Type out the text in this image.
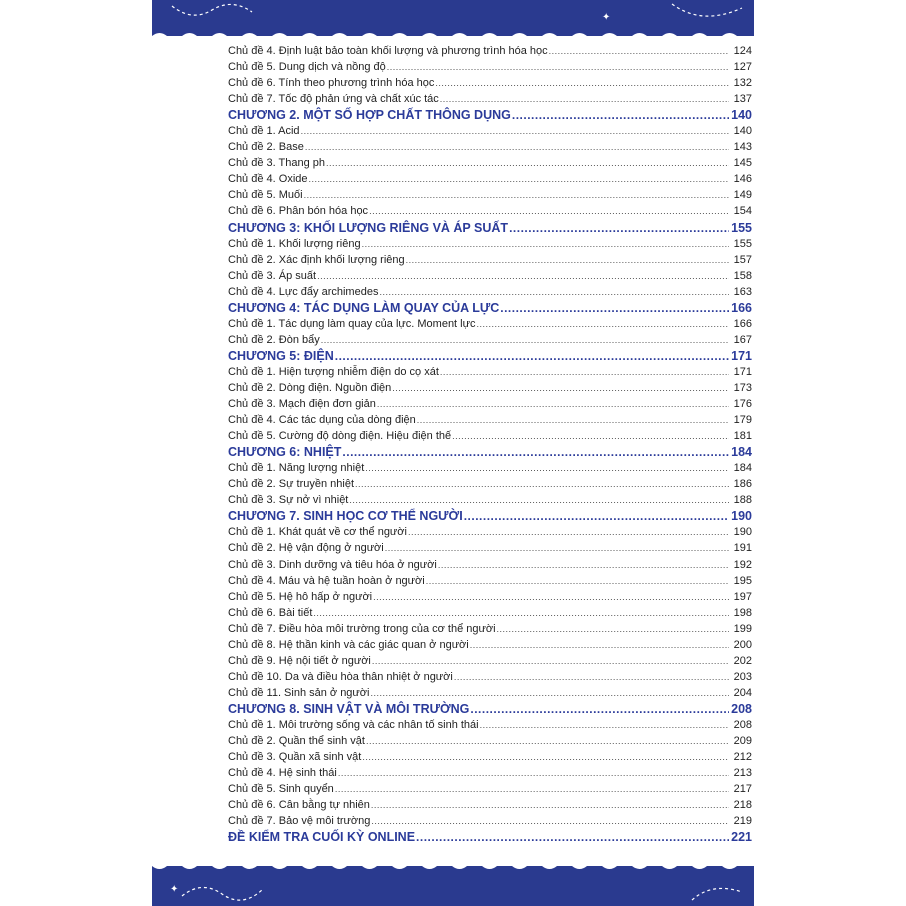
✦
Chủ đề 4. Định luật bảo toàn khối lượng và phương trình hóa học .....	124
Chủ đề 5. Dung dịch và nồng độ .....	127
Chủ đề 6. Tính theo phương trình hóa học .....	132
Chủ đề 7. Tốc độ phản ứng và chất xúc tác .....	137
CHƯƠNG 2. MỘT SỐ HỢP CHẤT THÔNG DỤNG .....	140
Chủ đề 1. Acid .....	140
Chủ đề 2. Base .....	143
Chủ đề 3. Thang ph .....	145
Chủ đề 4. Oxide .....	146
Chủ đề 5. Muối .....	149
Chủ đề 6. Phân bón hóa học .....	154
CHƯƠNG 3: KHỐI LƯỢNG RIÊNG VÀ ÁP SUẤT .....	155
Chủ đề 1. Khối lượng riêng .....	155
Chủ đề 2. Xác định khối lượng riêng .....	157
Chủ đề 3. Áp suất .....	158
Chủ đề 4. Lực đẩy archimedes .....	163
CHƯƠNG 4: TÁC DỤNG LÀM QUAY CỦA LỰC .....	166
Chủ đề 1. Tác dụng làm quay của lực. Moment lực .....	166
Chủ đề 2. Đòn bẩy .....	167
CHƯƠNG 5: ĐIỆN .....	171
Chủ đề 1. Hiện tượng nhiễm điện do cọ xát .....	171
Chủ đề 2. Dòng điện. Nguồn điện .....	173
Chủ đề 3. Mạch điện đơn giản .....	176
Chủ đề 4. Các tác dụng của dòng điện .....	179
Chủ đề 5. Cường độ dòng điện. Hiệu điện thế .....	181
CHƯƠNG 6: NHIỆT .....	184
Chủ đề 1. Năng lượng nhiệt .....	184
Chủ đề 2. Sự truyền nhiệt .....	186
Chủ đề 3. Sự nở vì nhiệt .....	188
CHƯƠNG 7. SINH HỌC CƠ THỂ NGƯỜI .....	190
Chủ đề 1. Khát quát về cơ thể người .....	190
Chủ đề 2. Hệ vận động ở người .....	191
Chủ đề 3. Dinh dưỡng và tiêu hóa ở người .....	192
Chủ đề 4. Máu và hệ tuần hoàn ở người .....	195
Chủ đề 5. Hệ hô hấp ở người .....	197
Chủ đề 6. Bài tiết .....	198
Chủ đề 7. Điều hòa môi trường trong của cơ thể người .....	199
Chủ đề 8. Hệ thần kinh và các giác quan ở người .....	200
Chủ đề 9. Hệ nội tiết ở người .....	202
Chủ đề 10. Da và điều hòa thân nhiệt ở người .....	203
Chủ đề 11. Sinh sản ở người .....	204
CHƯƠNG 8. SINH VẬT VÀ MÔI TRƯỜNG .....	208
Chủ đề 1. Môi trường sống và các nhân tố sinh thái .....	208
Chủ đề 2. Quần thể sinh vật .....	209
Chủ đề 3. Quần xã sinh vật .....	212
Chủ đề 4. Hệ sinh thái .....	213
Chủ đề 5. Sinh quyển .....	217
Chủ đề 6. Cân bằng tự nhiên .....	218
Chủ đề 7. Bảo vệ môi trường .....	219
ĐỀ KIỂM TRA CUỐI KỲ ONLINE .....	221
✦
